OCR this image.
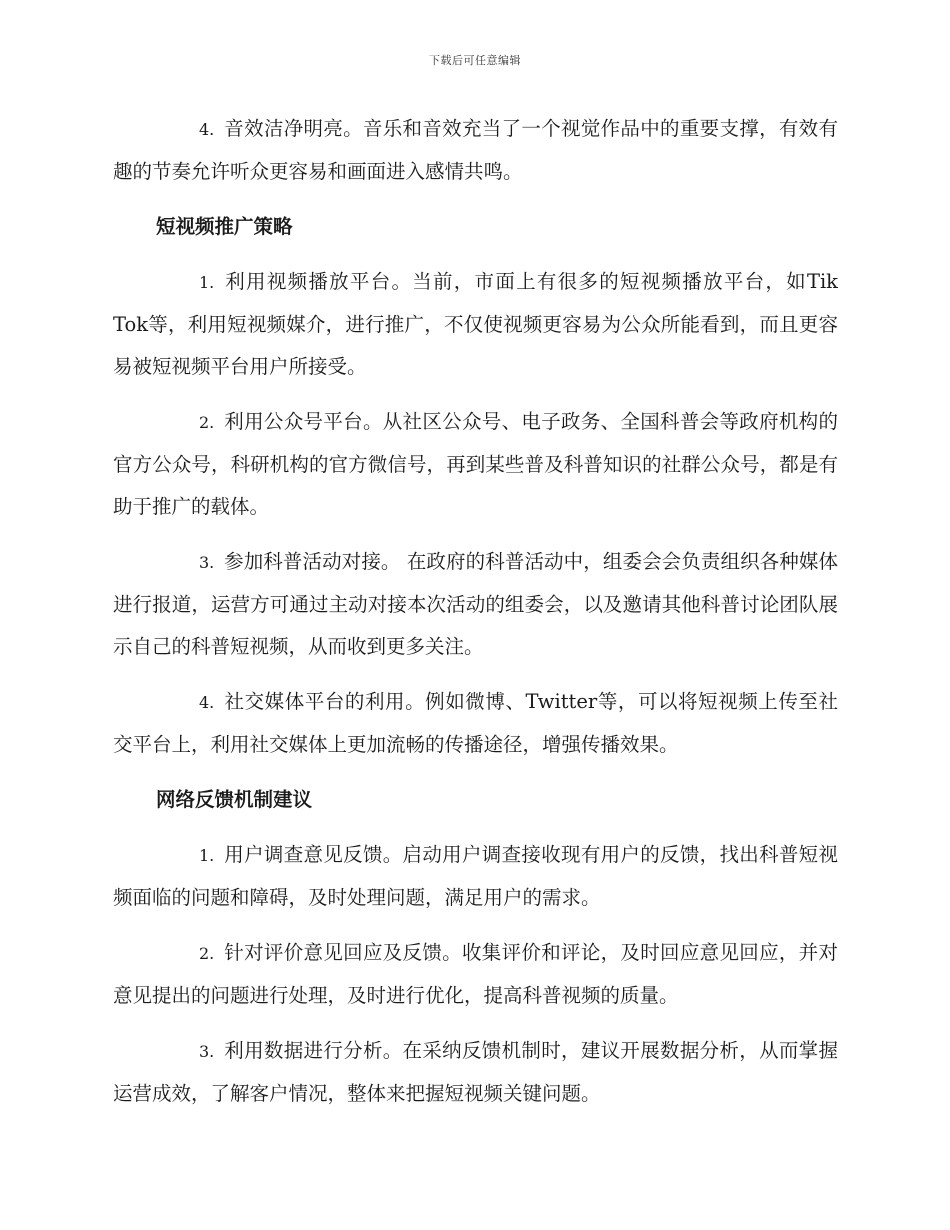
下载后可任意编辑

4. 音效洁净明亮。音乐和音效充当了一个视觉作品中的重要支撑，有效有趣的节奏允许听众更容易和画面进入感情共鸣。

短视频推广策略

1. 利用视频播放平台。当前，市面上有很多的短视频播放平台，如Tik Tok等，利用短视频媒介，进行推广，不仅使视频更容易为公众所能看到，而且更容易被短视频平台用户所接受。

2. 利用公众号平台。从社区公众号、电子政务、全国科普会等政府机构的官方公众号，科研机构的官方微信号，再到某些普及科普知识的社群公众号，都是有助于推广的载体。

3. 参加科普活动对接。 在政府的科普活动中，组委会会负责组织各种媒体进行报道，运营方可通过主动对接本次活动的组委会，以及邀请其他科普讨论团队展示自己的科普短视频，从而收到更多关注。

4. 社交媒体平台的利用。例如微博、Twitter等，可以将短视频上传至社交平台上，利用社交媒体上更加流畅的传播途径，增强传播效果。

网络反馈机制建议

1. 用户调查意见反馈。启动用户调查接收现有用户的反馈，找出科普短视频面临的问题和障碍，及时处理问题，满足用户的需求。

2. 针对评价意见回应及反馈。收集评价和评论，及时回应意见回应，并对意见提出的问题进行处理，及时进行优化，提高科普视频的质量。

3. 利用数据进行分析。在采纳反馈机制时，建议开展数据分析，从而掌握运营成效，了解客户情况，整体来把握短视频关键问题。
